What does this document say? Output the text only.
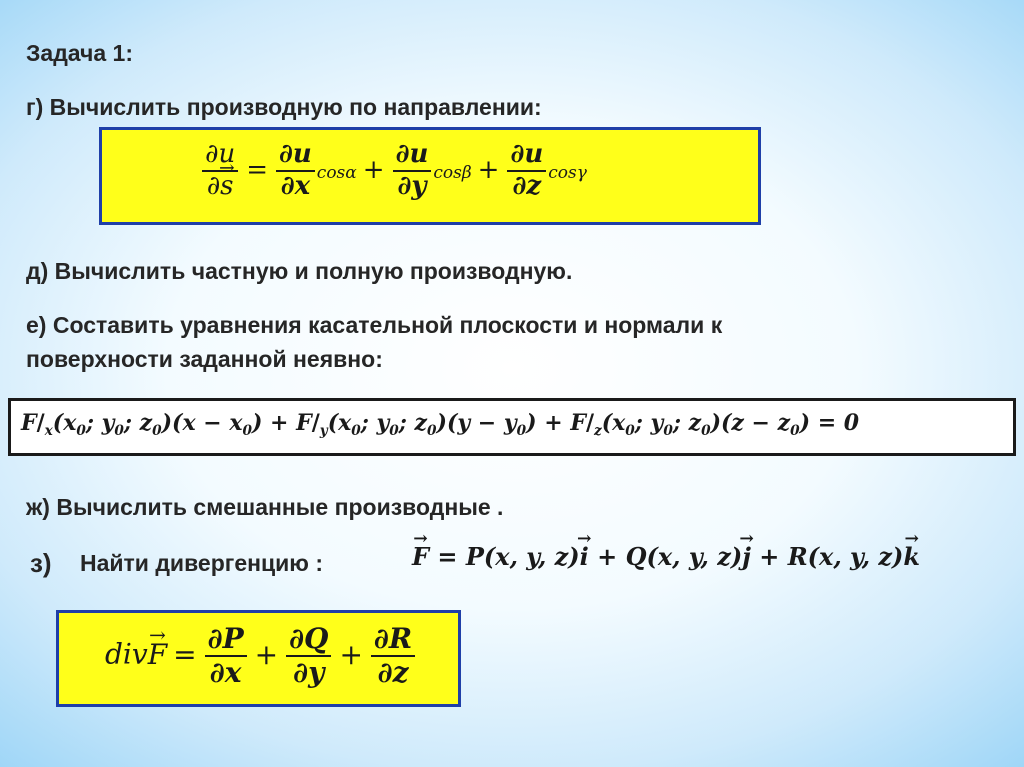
Задача 1:
г) Вычислить производную по направлении:
$\frac{\partial u}{\partial\to s} = \frac{\partial u}{\partial x}$ $\cos\alpha + \frac{\partial u}{\partial y}$ $\cos\beta + \frac{\partial u}{\partial z}$ cosγ
д) Вычислить частную и полную производную.
е) Составить уравнения касательной плоскости и нормали к
поверхности заданной неявно:
$F/_x(x_0$; $y_0$; $z_0)(x - x_0) + F/_y(x_0$; $y_0$; $z_0)(y - y_0) + F/_z(x_0$; $y_0$; $z_0)(z - z_0) = 0$
ж) Вычислить смешанные производные .
з) Найти дивергенцию :
→	F = P(x, y, z)→ i + Q(x, y, z)→ j + R(x, y, z)→ k
$div\to F = \frac{\partial P}{\partial x} + \frac{\partial Q}{\partial y} + \frac{\partial R}{\partial z}$
